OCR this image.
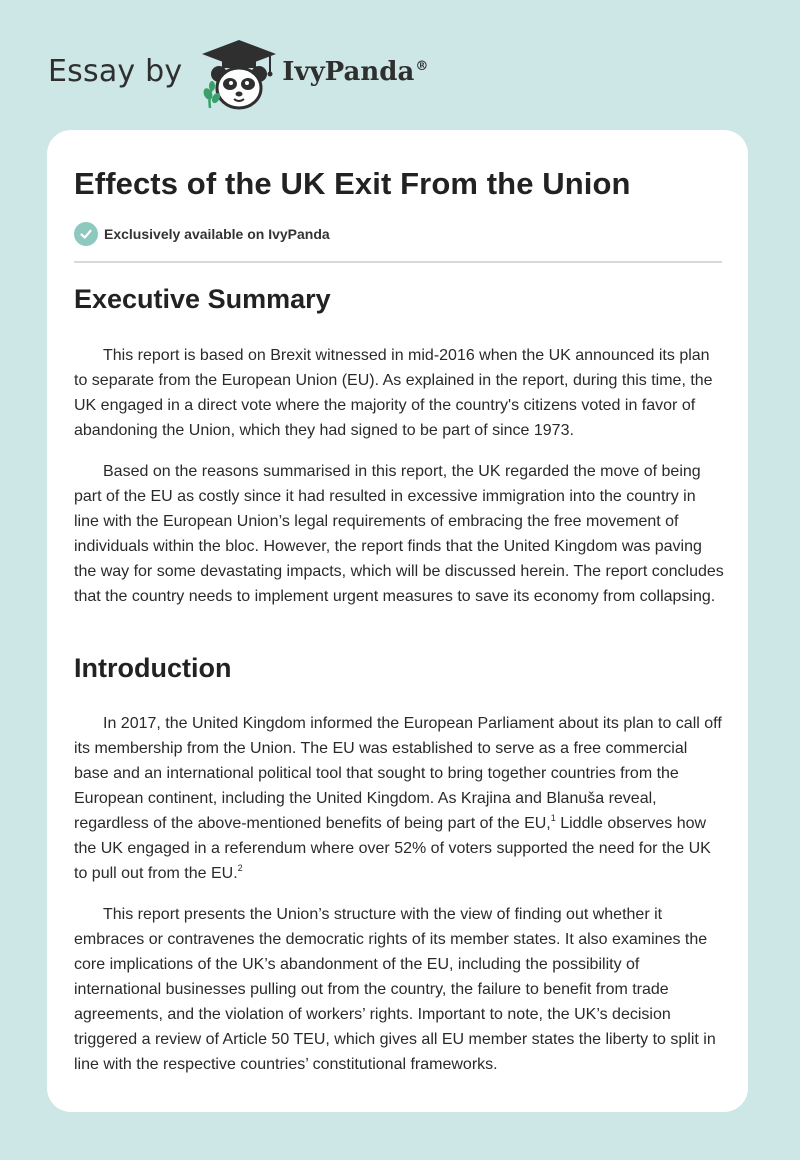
Essay by	IvyPanda®
Effects of the UK Exit From the Union
Exclusively available on IvyPanda
Executive Summary

This report is based on Brexit witnessed in mid-2016 when the UK announced its plan to separate from the European Union (EU). As explained in the report, during this time, the UK engaged in a direct vote where the majority of the country's citizens voted in favor of abandoning the Union, which they had signed to be part of since 1973.

Based on the reasons summarised in this report, the UK regarded the move of being part of the EU as costly since it had resulted in excessive immigration into the country in line with the European Union’s legal requirements of embracing the free movement of individuals within the bloc. However, the report finds that the United Kingdom was paving the way for some devastating impacts, which will be discussed herein. The report concludes that the country needs to implement urgent measures to save its economy from collapsing.

Introduction

In 2017, the United Kingdom informed the European Parliament about its plan to call off its membership from the Union. The EU was established to serve as a free commercial base and an international political tool that sought to bring together countries from the European continent, including the United Kingdom. As Krajina and Blanuša reveal, regardless of the above-mentioned benefits of being part of the EU,$^1$ Liddle observes how the UK engaged in a referendum where over 52% of voters supported the need for the UK to pull out from the EU.$^2$

This report presents the Union’s structure with the view of finding out whether it embraces or contravenes the democratic rights of its member states. It also examines the core implications of the UK’s abandonment of the EU, including the possibility of international businesses pulling out from the country, the failure to benefit from trade agreements, and the violation of workers’ rights. Important to note, the UK’s decision triggered a review of Article 50 TEU, which gives all EU member states the liberty to split in line with the respective countries’ constitutional frameworks.
